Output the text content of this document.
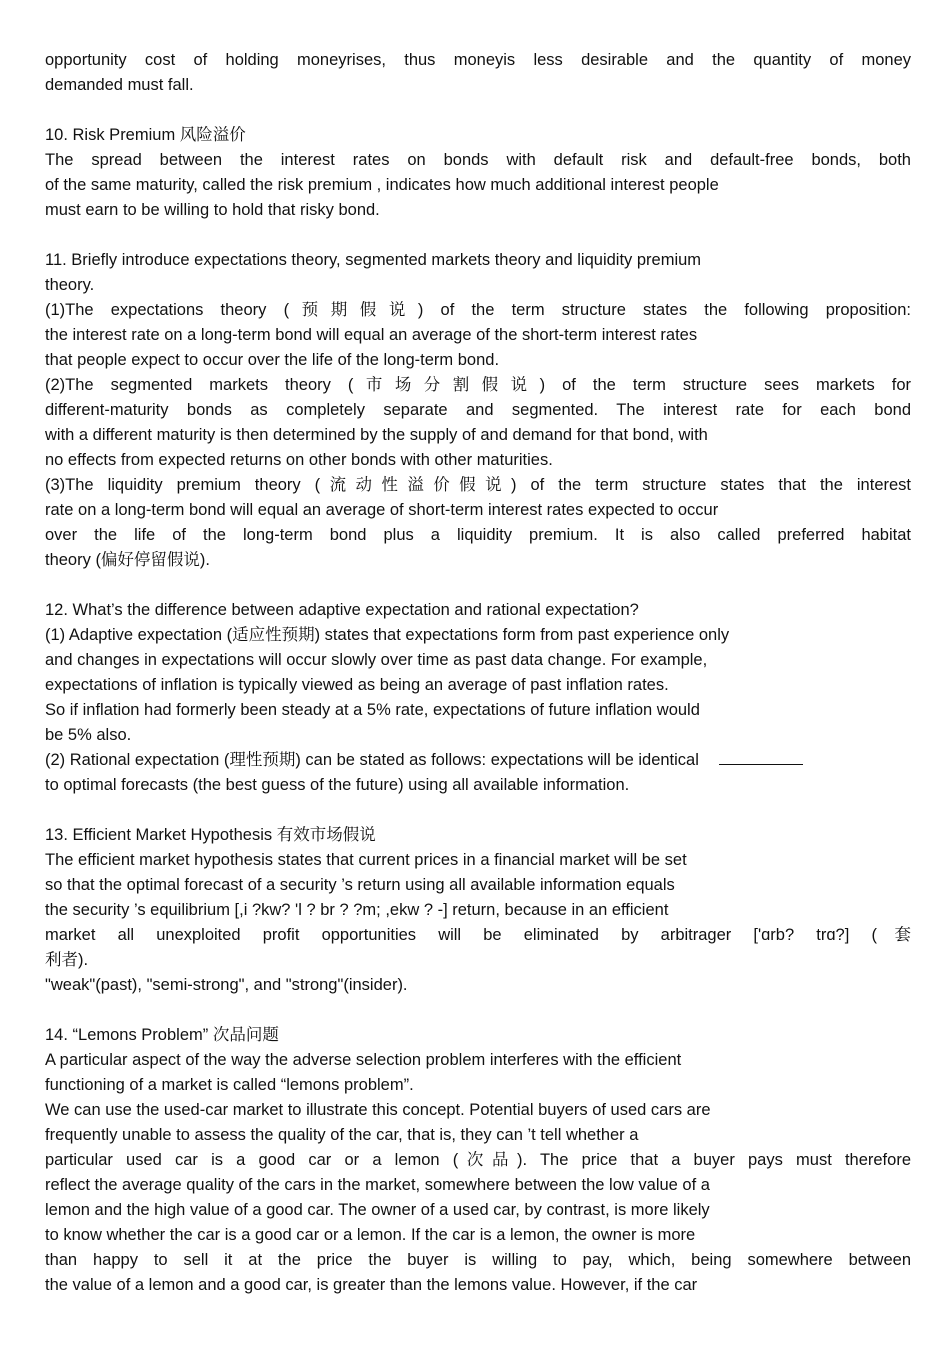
opportunity cost of holding moneyrises, thus moneyis less desirable and the quantity of money
demanded must fall.
10. Risk Premium 风险溢价
The spread between the interest rates on bonds with default risk and default-free bonds, both
of the same maturity, called the risk premium , indicates how much additional interest people
must earn to be willing to hold that risky bond.
11. Briefly introduce expectations theory, segmented markets theory and liquidity premium
theory.
(1)The expectations theory (预期假说) of the term structure states the following proposition:
the interest rate on a long-term bond will equal an average of the short-term interest rates
that people expect to occur over the life of the long-term bond.
(2)The segmented markets theory (市场分割假说) of the term structure sees markets for
different-maturity bonds as completely separate and segmented. The interest rate for each bond
with a different maturity is then determined by the supply of and demand for that bond, with
no effects from expected returns on other bonds with other maturities.
(3)The liquidity premium theory (流动性溢价假说) of the term structure states that the interest
rate on a long-term bond will equal an average of short-term interest rates expected to occur
over the life of the long-term bond plus a liquidity premium. It is also called preferred habitat
theory (偏好停留假说).
12. What’s the difference between adaptive expectation and rational expectation?
(1) Adaptive expectation (适应性预期) states that expectations form from past experience only
and changes in expectations will occur slowly over time as past data change. For example,
expectations of inflation is typically viewed as being an average of past inflation rates.
So if inflation had formerly been steady at a 5% rate, expectations of future inflation would
be 5% also.
(2) Rational expectation (理性预期) can be stated as follows: expectations will be identical
to optimal forecasts (the best guess of the future) using all available information.
13. Efficient Market Hypothesis 有效市场假说
The efficient market hypothesis states that current prices in a financial market will be set
so that the optimal forecast of a security ’s return using all available information equals
the security ’s equilibrium [,i ?kw? 'l ? br ? ?m; ,ekw ? -] return, because in an efficient
market all unexploited profit opportunities will be eliminated by arbitrager ['ɑrb? trɑ?] (套
利者).
"weak"(past), "semi-strong", and "strong"(insider).
14. “Lemons Problem” 次品问题
A particular aspect of the way the adverse selection problem interferes with the efficient
functioning of a market is called “lemons problem”.
We can use the used-car market to illustrate this concept. Potential buyers of used cars are
frequently unable to assess the quality of the car, that is, they can ’t tell whether a
particular used car is a good car or a lemon (次品). The price that a buyer pays must therefore
reflect the average quality of the cars in the market, somewhere between the low value of a
lemon and the high value of a good car. The owner of a used car, by contrast, is more likely
to know whether the car is a good car or a lemon. If the car is a lemon, the owner is more
than happy to sell it at the price the buyer is willing to pay, which, being somewhere between
the value of a lemon and a good car, is greater than the lemons value. However, if the car
